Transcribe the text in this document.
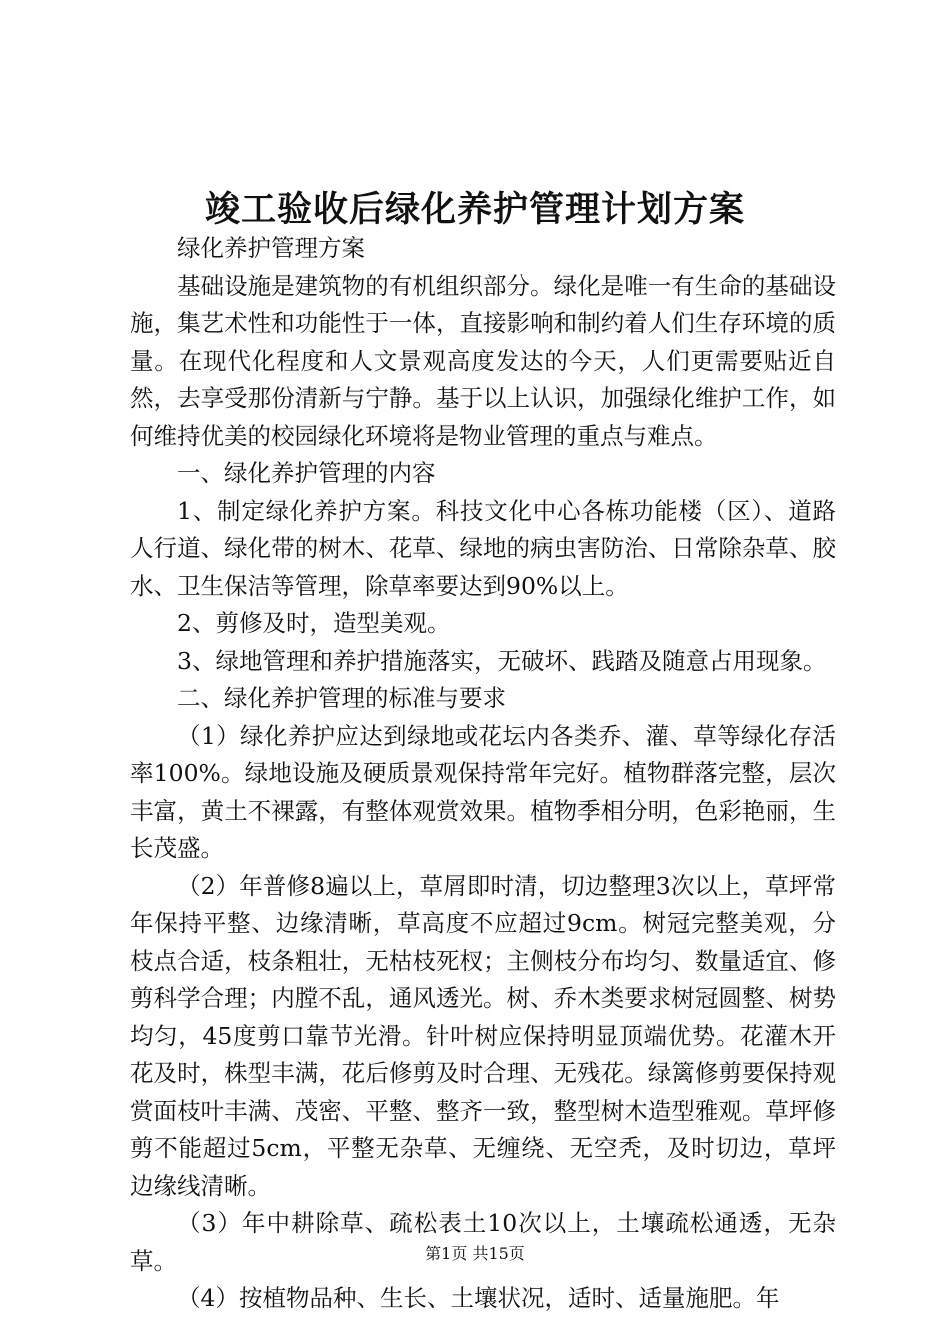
竣工验收后绿化养护管理计划方案

绿化养护管理方案

基础设施是建筑物的有机组织部分。绿化是唯一有生命的基础设施，集艺术性和功能性于一体，直接影响和制约着人们生存环境的质量。在现代化程度和人文景观高度发达的今天，人们更需要贴近自然，去享受那份清新与宁静。基于以上认识，加强绿化维护工作，如何维持优美的校园绿化环境将是物业管理的重点与难点。

一、绿化养护管理的内容

1、制定绿化养护方案。科技文化中心各栋功能楼（区）、道路人行道、绿化带的树木、花草、绿地的病虫害防治、日常除杂草、胶水、卫生保洁等管理，除草率要达到90%以上。

2、剪修及时，造型美观。

3、绿地管理和养护措施落实，无破坏、践踏及随意占用现象。

二、绿化养护管理的标准与要求

（1）绿化养护应达到绿地或花坛内各类乔、灌、草等绿化存活率100%。绿地设施及硬质景观保持常年完好。植物群落完整，层次丰富，黄土不裸露，有整体观赏效果。植物季相分明，色彩艳丽，生长茂盛。

（2）年普修8遍以上，草屑即时清，切边整理3次以上，草坪常年保持平整、边缘清晰，草高度不应超过9cm。树冠完整美观，分枝点合适，枝条粗壮，无枯枝死杈；主侧枝分布均匀、数量适宜、修剪科学合理；内膛不乱，通风透光。树、乔木类要求树冠圆整、树势均匀，45度剪口靠节光滑。针叶树应保持明显顶端优势。花灌木开花及时，株型丰满，花后修剪及时合理、无残花。绿篱修剪要保持观赏面枝叶丰满、茂密、平整、整齐一致，整型树木造型雅观。草坪修剪不能超过5cm，平整无杂草、无缠绕、无空秃，及时切边，草坪边缘线清晰。

（3）年中耕除草、疏松表土10次以上，土壤疏松通透，无杂草。

（4）按植物品种、生长、土壤状况，适时、适量施肥。年

第1页 共15页
